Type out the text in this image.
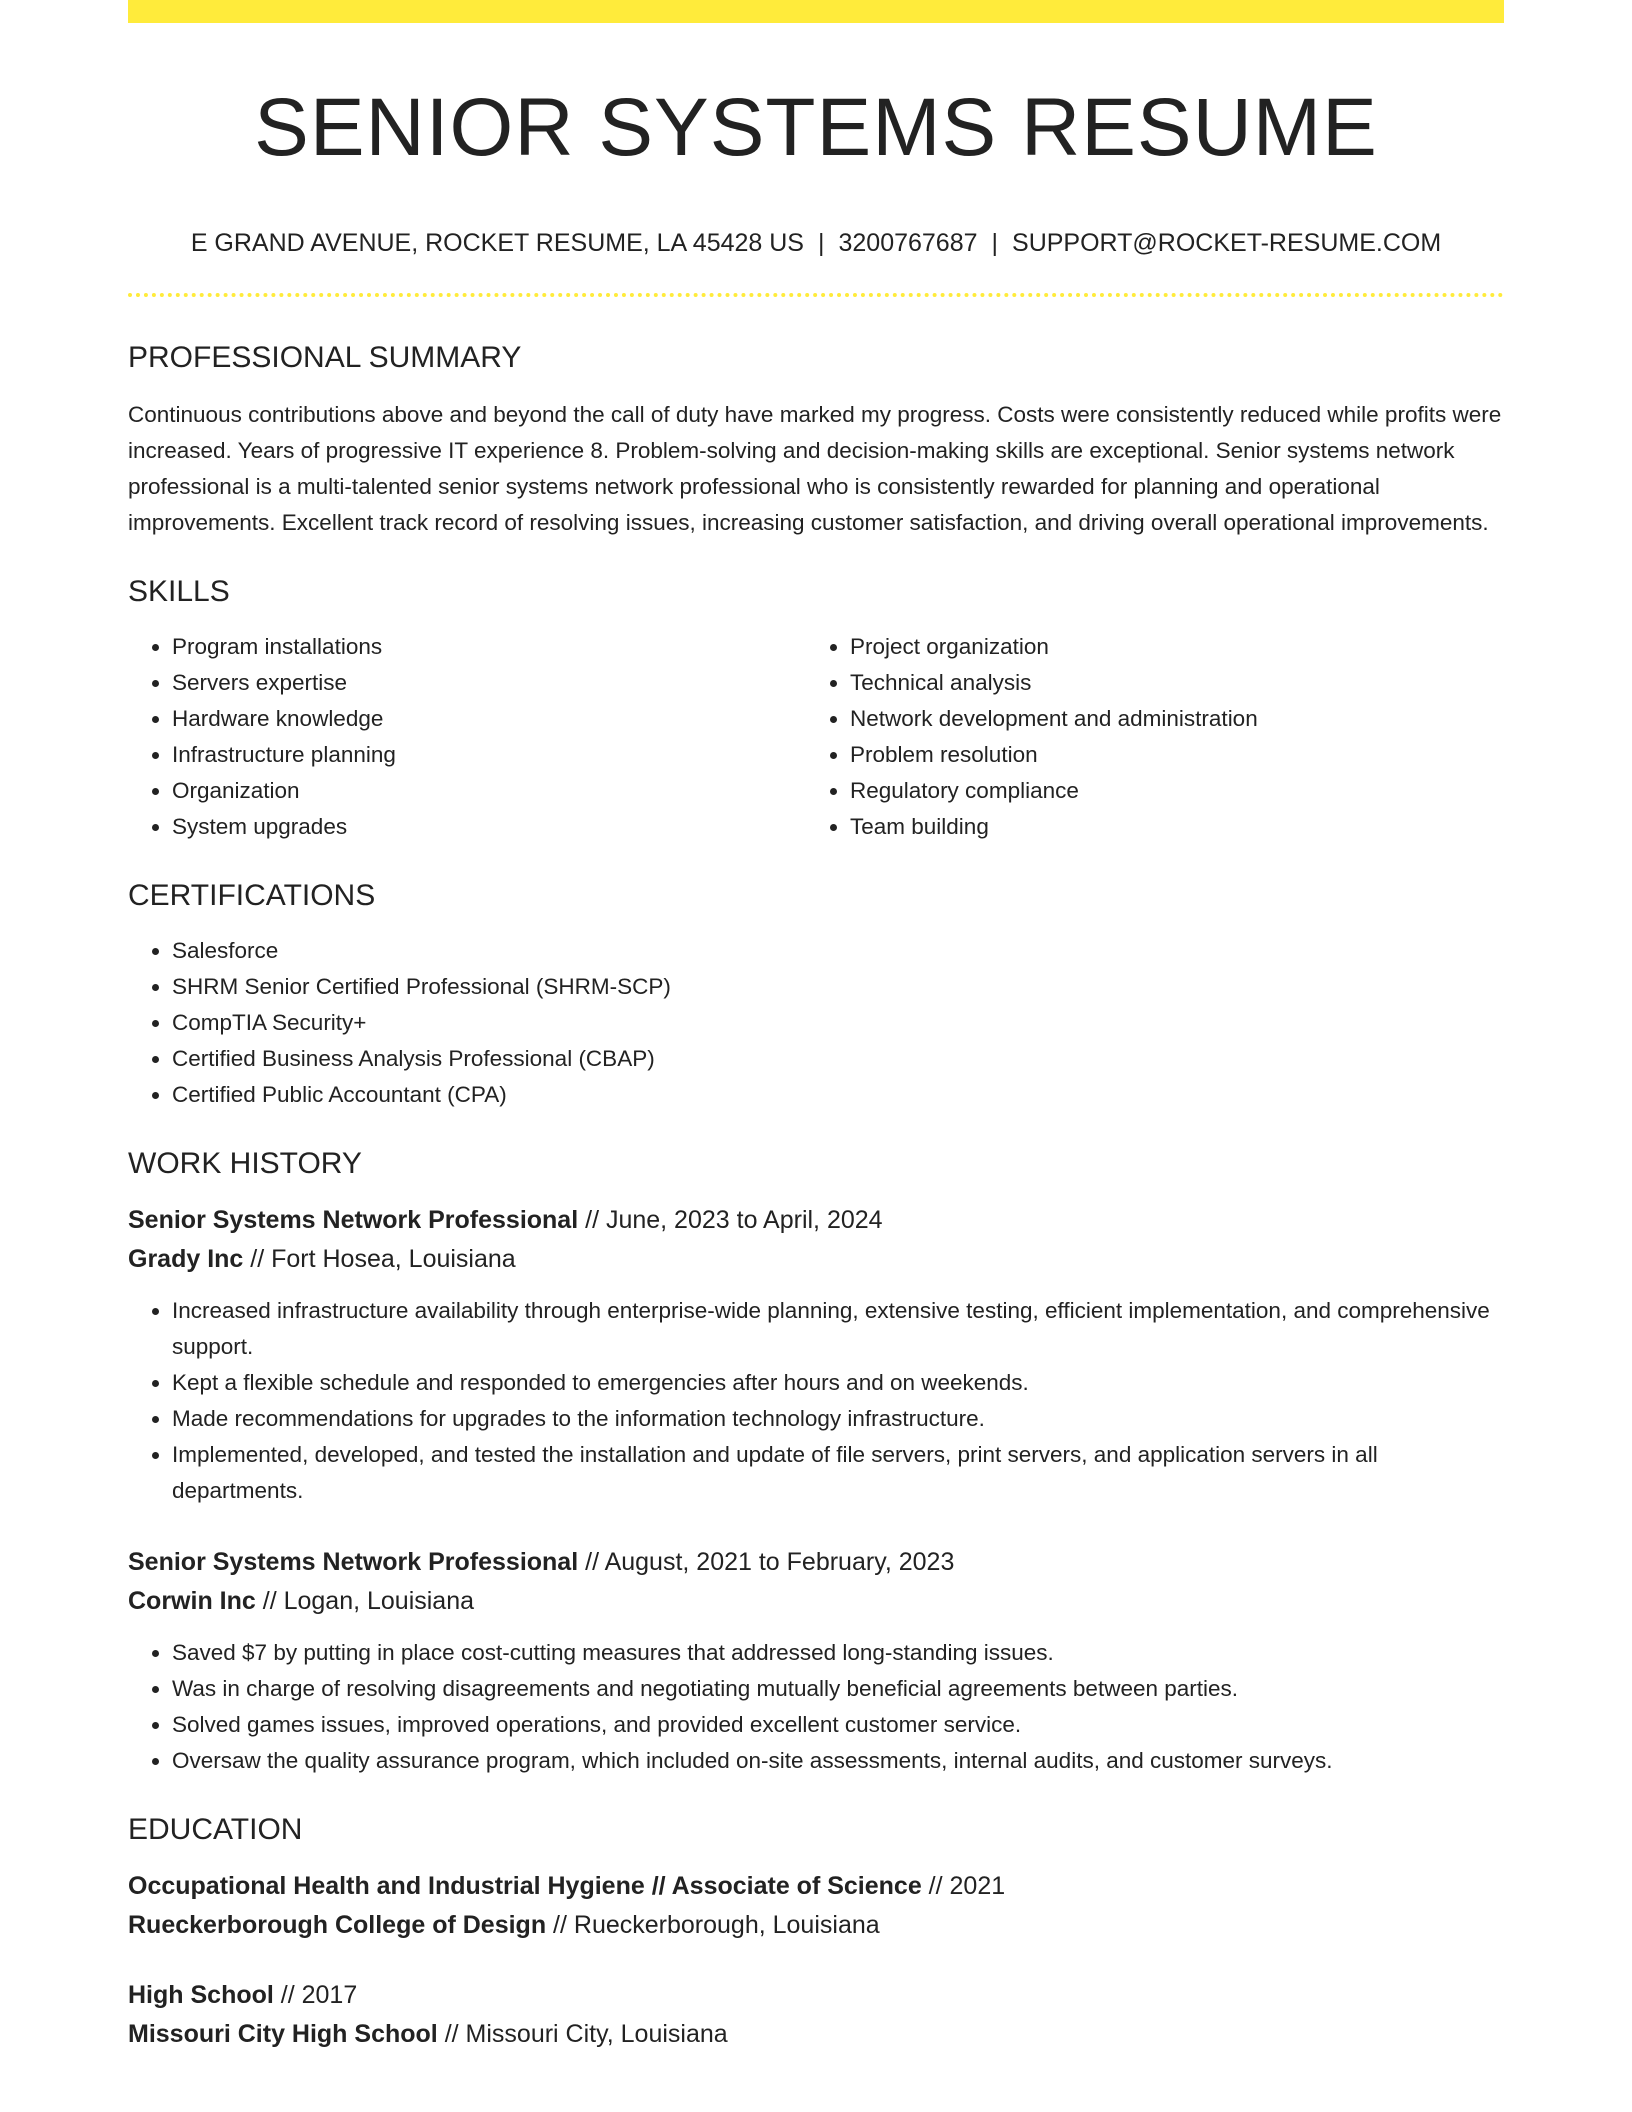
SENIOR SYSTEMS RESUME
E GRAND AVENUE, ROCKET RESUME, LA 45428 US | 3200767687 | SUPPORT@ROCKET-RESUME.COM
PROFESSIONAL SUMMARY

Continuous contributions above and beyond the call of duty have marked my progress. Costs were consistently reduced while profits were increased. Years of progressive IT experience 8. Problem-solving and decision-making skills are exceptional. Senior systems network professional is a multi-talented senior systems network professional who is consistently rewarded for planning and operational improvements. Excellent track record of resolving issues, increasing customer satisfaction, and driving overall operational improvements.

SKILLS
• Program installations
• Servers expertise
• Hardware knowledge
• Infrastructure planning
• Organization
• System upgrades
• Project organization
• Technical analysis
• Network development and administration
• Problem resolution
• Regulatory compliance
• Team building
CERTIFICATIONS
• Salesforce
• SHRM Senior Certified Professional (SHRM-SCP)
• CompTIA Security+
• Certified Business Analysis Professional (CBAP)
• Certified Public Accountant (CPA)
WORK HISTORY

Senior Systems Network Professional // June, 2023 to April, 2024

Grady Inc // Fort Hosea, Louisiana

• Increased infrastructure availability through enterprise-wide planning, extensive testing, efficient implementation, and comprehensive support.
• Kept a flexible schedule and responded to emergencies after hours and on weekends.
• Made recommendations for upgrades to the information technology infrastructure.
• Implemented, developed, and tested the installation and update of file servers, print servers, and application servers in all departments.

Senior Systems Network Professional // August, 2021 to February, 2023

Corwin Inc // Logan, Louisiana

• Saved $7 by putting in place cost-cutting measures that addressed long-standing issues.
• Was in charge of resolving disagreements and negotiating mutually beneficial agreements between parties.
• Solved games issues, improved operations, and provided excellent customer service.
• Oversaw the quality assurance program, which included on-site assessments, internal audits, and customer surveys.
EDUCATION

Occupational Health and Industrial Hygiene // Associate of Science // 2021

Rueckerborough College of Design // Rueckerborough, Louisiana

High School // 2017

Missouri City High School // Missouri City, Louisiana
